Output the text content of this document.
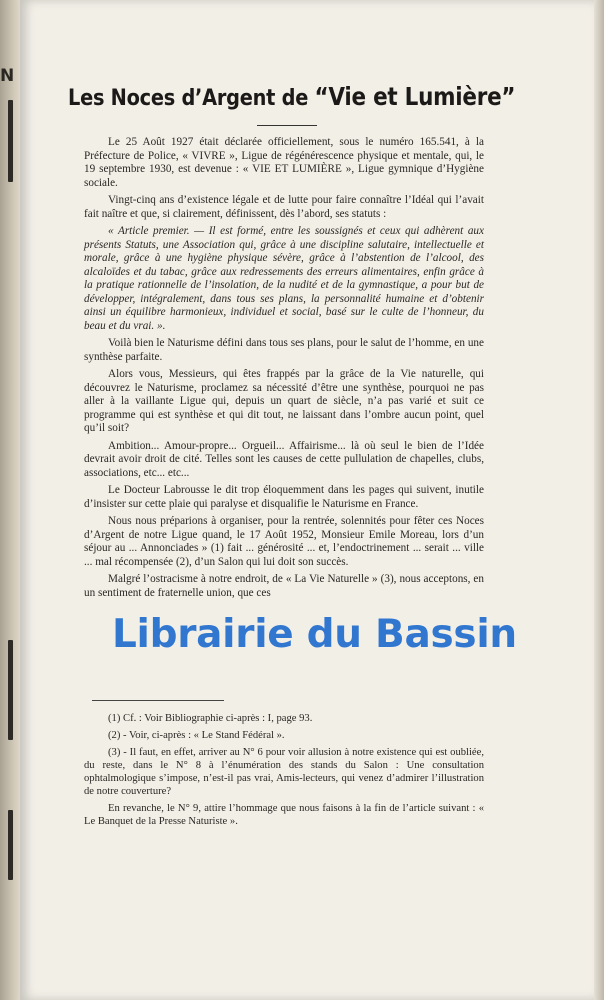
N
Les Noces d’Argent de “Vie et Lumière”

Le 25 Août 1927 était déclarée officiellement, sous le numéro 165.541, à la Préfecture de Police, « VIVRE », Ligue de régénérescence physique et mentale, qui, le 19 septembre 1930, est devenue : « VIE ET LUMIÈRE », Ligue gymnique d’Hygiène sociale.

Vingt-cinq ans d’existence légale et de lutte pour faire connaître l’Idéal qui l’avait fait naître et que, si clairement, définissent, dès l’abord, ses statuts :

« Article premier. — Il est formé, entre les soussignés et ceux qui adhèrent aux présents Statuts, une Association qui, grâce à une discipline salutaire, intellectuelle et morale, grâce à une hygiène physique sévère, grâce à l’abstention de l’alcool, des alcaloïdes et du tabac, grâce aux redressements des erreurs alimentaires, enfin grâce à la pratique rationnelle de l’insolation, de la nudité et de la gymnastique, a pour but de développer, intégralement, dans tous ses plans, la personnalité humaine et d’obtenir ainsi un équilibre harmonieux, individuel et social, basé sur le culte de l’honneur, du beau et du vrai. ».

Voilà bien le Naturisme défini dans tous ses plans, pour le salut de l’homme, en une synthèse parfaite.

Alors vous, Messieurs, qui êtes frappés par la grâce de la Vie naturelle, qui découvrez le Naturisme, proclamez sa nécessité d’être une synthèse, pourquoi ne pas aller à la vaillante Ligue qui, depuis un quart de siècle, n’a pas varié et suit ce programme qui est synthèse et qui dit tout, ne laissant dans l’ombre aucun point, quel qu’il soit?

Ambition... Amour-propre... Orgueil... Affairisme... là où seul le bien de l’Idée devrait avoir droit de cité. Telles sont les causes de cette pullulation de chapelles, clubs, associations, etc... etc...

Le Docteur Labrousse le dit trop éloquemment dans les pages qui suivent, inutile d’insister sur cette plaie qui paralyse et disqualifie le Naturisme en France.

Nous nous préparions à organiser, pour la rentrée, solennités pour fêter ces Noces d’Argent de notre Ligue quand, le 17 Août 1952, Monsieur Emile Moreau, lors d’un séjour au ... Annonciades » (1) fait ... générosité ... et, l’endoctrinement ... serait ... ville ... mal récompensée (2), d’un Salon qui lui doit son succès.

Malgré l’ostracisme à notre endroit, de « La Vie Naturelle » (3), nous acceptons, en un sentiment de fraternelle union, que ces

(1) Cf. : Voir Bibliographie ci-après : I, page 93.

(2) - Voir, ci-après : « Le Stand Fédéral ».

(3) - Il faut, en effet, arriver au N° 6 pour voir allusion à notre existence qui est oubliée, du reste, dans le N° 8 à l’énumération des stands du Salon : Une consultation ophtalmologique s’impose, n’est-il pas vrai, Amis-lecteurs, qui venez d’admirer l’illustration de notre couverture?

En revanche, le N° 9, attire l’hommage que nous faisons à la fin de l’article suivant : « Le Banquet de la Presse Naturiste ».

Librairie du Bassin
